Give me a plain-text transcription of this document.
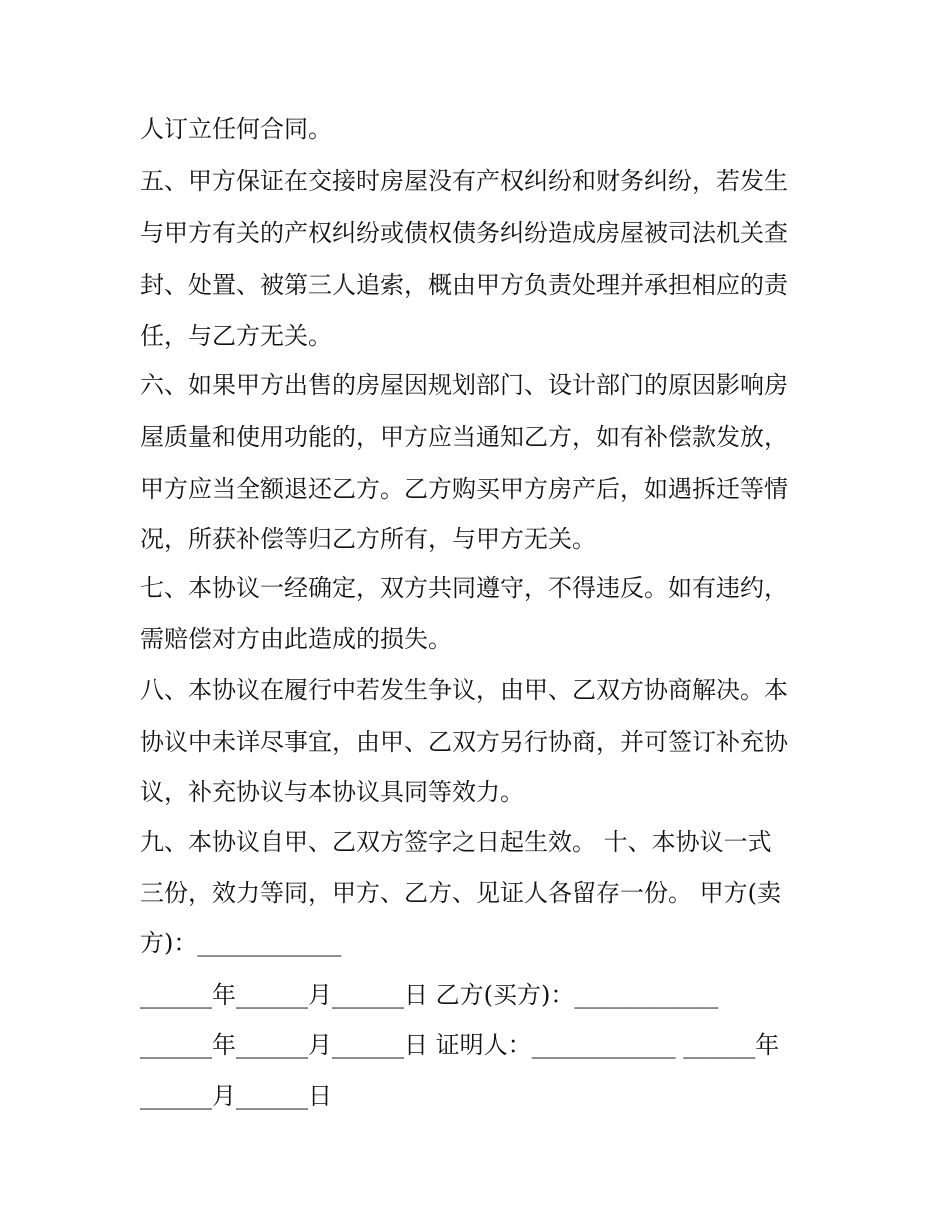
人订立任何合同。

五、甲方保证在交接时房屋没有产权纠纷和财务纠纷，若发生

与甲方有关的产权纠纷或债权债务纠纷造成房屋被司法机关查

封、处置、被第三人追索，概由甲方负责处理并承担相应的责

任，与乙方无关。

六、如果甲方出售的房屋因规划部门、设计部门的原因影响房

屋质量和使用功能的，甲方应当通知乙方，如有补偿款发放，

甲方应当全额退还乙方。乙方购买甲方房产后，如遇拆迁等情

况，所获补偿等归乙方所有，与甲方无关。

七、本协议一经确定，双方共同遵守，不得违反。如有违约，

需赔偿对方由此造成的损失。

八、本协议在履行中若发生争议，由甲、乙双方协商解决。本

协议中未详尽事宜，由甲、乙双方另行协商，并可签订补充协

议，补充协议与本协议具同等效力。

九、本协议自甲、乙双方签字之日起生效。 十、本协议一式

三份，效力等同，甲方、乙方、见证人各留存一份。 甲方(卖

方)：____________

______年______月______日 乙方(买方)：____________

______年______月______日 证明人：____________ ______年

______月______日
